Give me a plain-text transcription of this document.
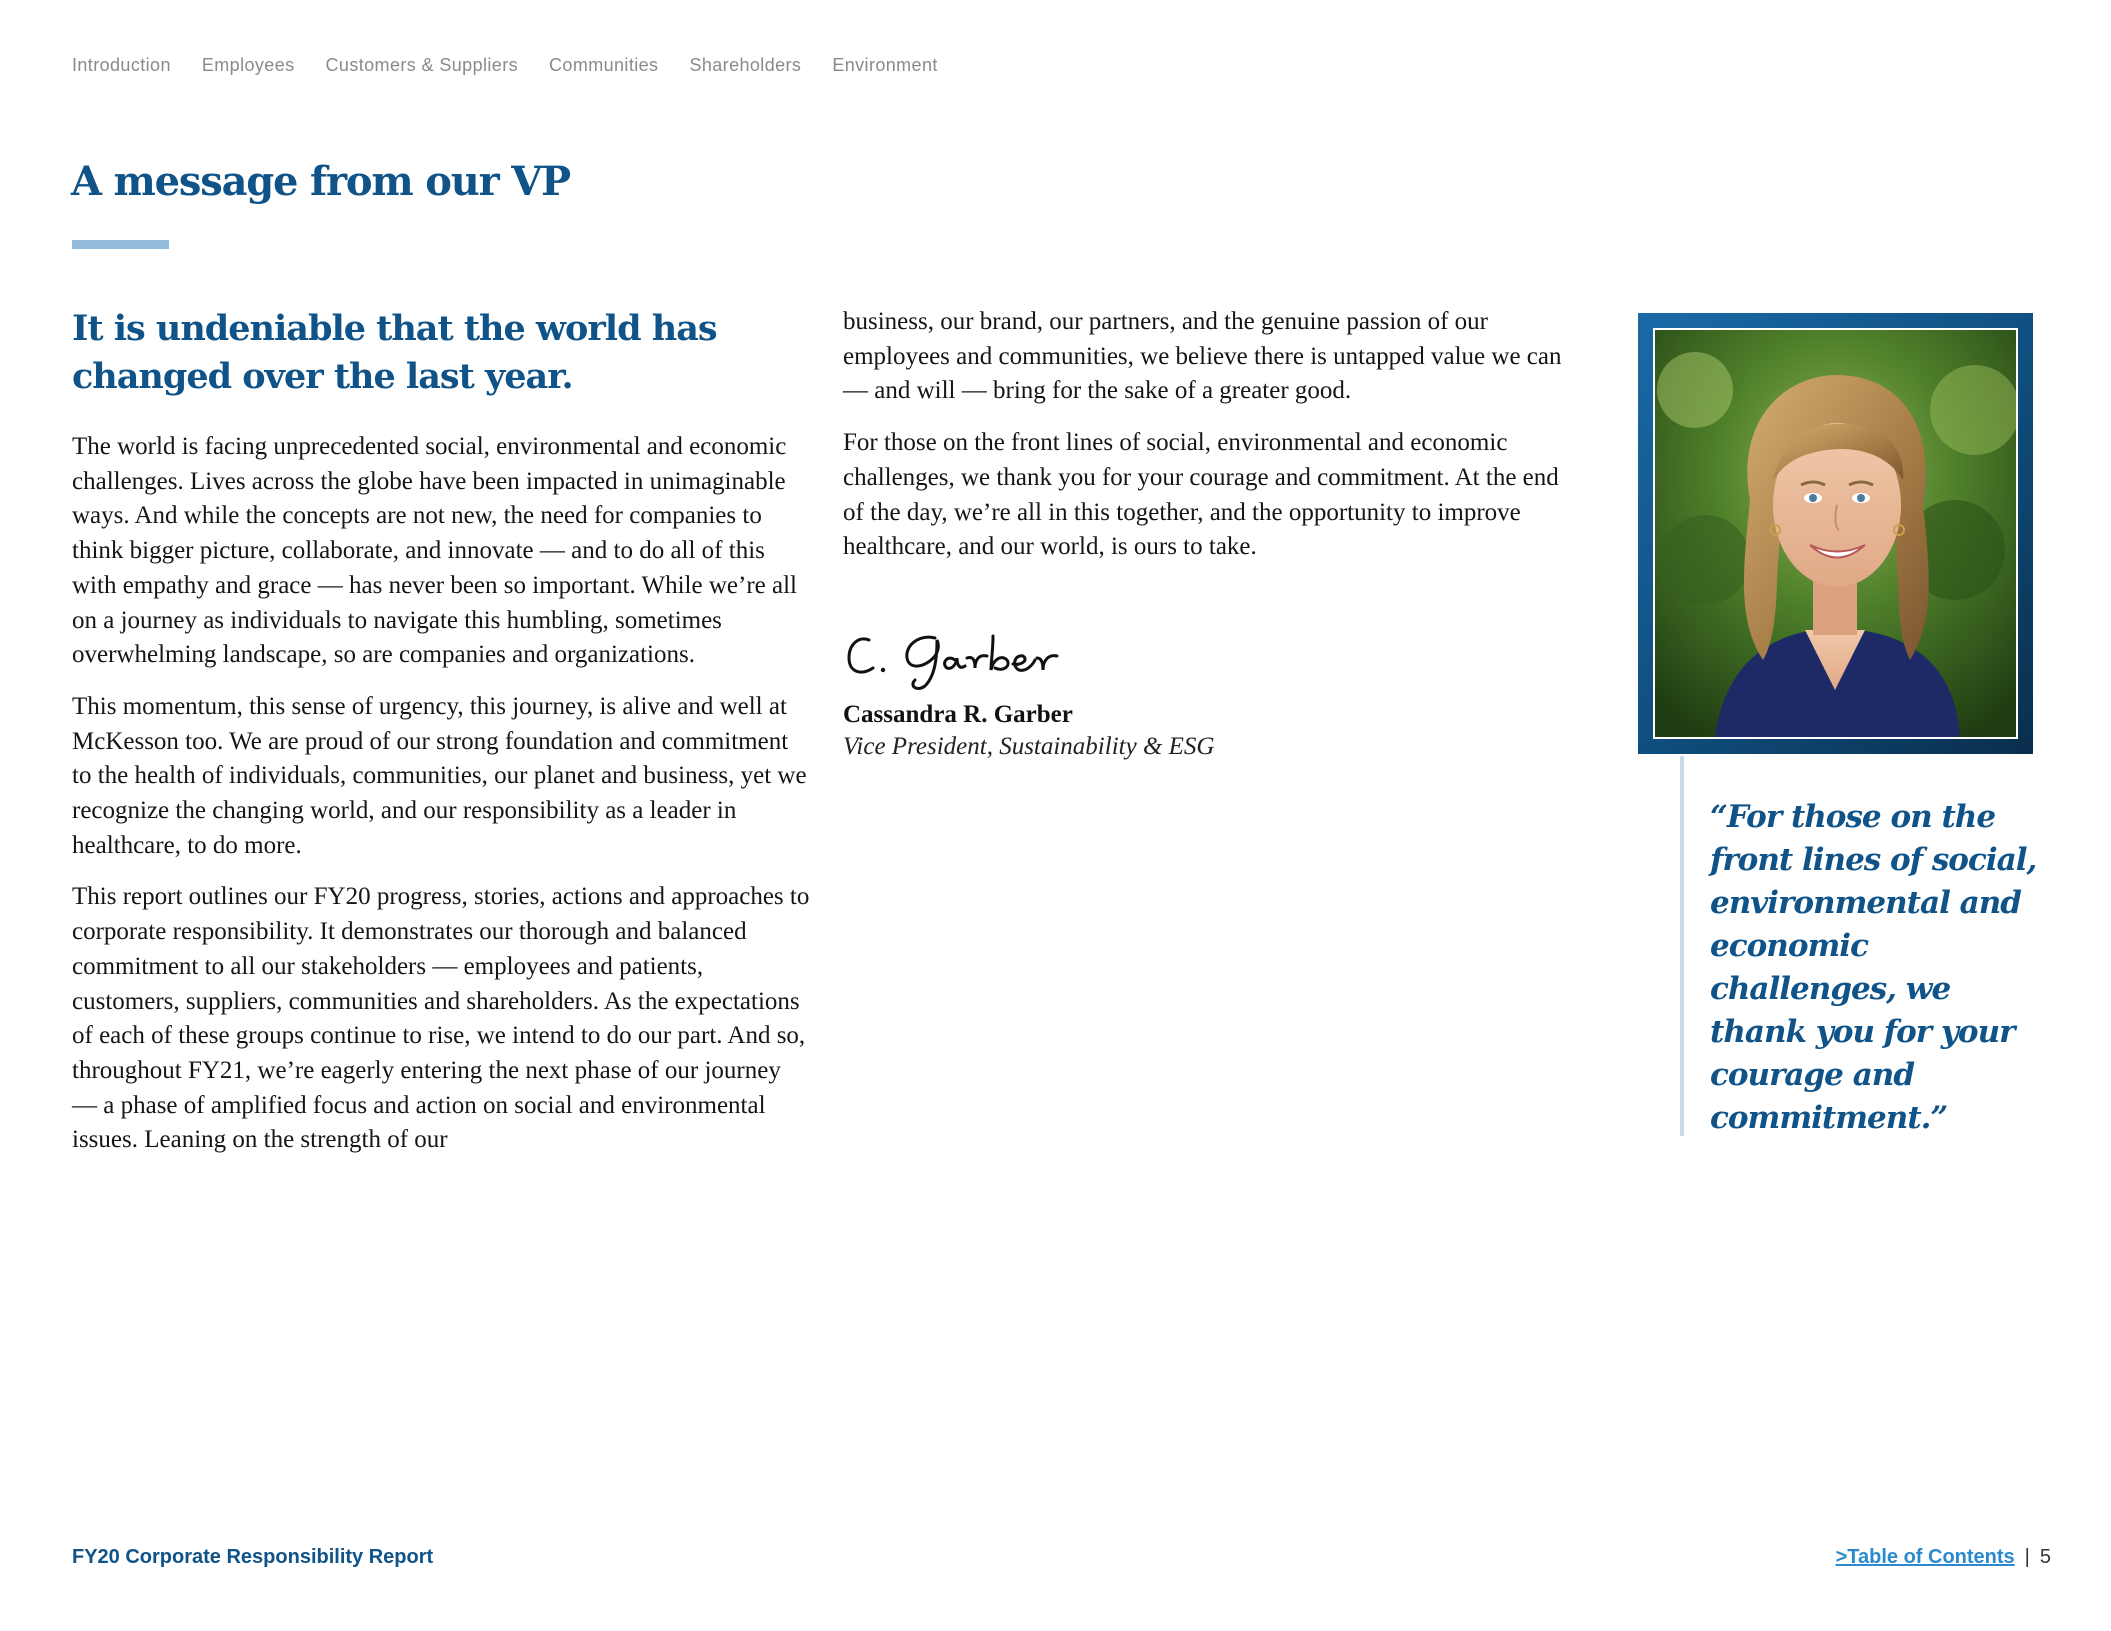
Introduction Employees Customers & Suppliers Communities Shareholders Environment
A message from our VP
It is undeniable that the world has changed over the last year.

The world is facing unprecedented social, environmental and economic challenges. Lives across the globe have been impacted in unimaginable ways. And while the concepts are not new, the need for companies to think bigger picture, collaborate, and innovate — and to do all of this with empathy and grace — has never been so important. While we’re all on a journey as individuals to navigate this humbling, sometimes overwhelming landscape, so are companies and organizations.

This momentum, this sense of urgency, this journey, is alive and well at McKesson too. We are proud of our strong foundation and commitment to the health of individuals, communities, our planet and business, yet we recognize the changing world, and our responsibility as a leader in healthcare, to do more.

This report outlines our FY20 progress, stories, actions and approaches to corporate responsibility. It demonstrates our thorough and balanced commitment to all our stakeholders — employees and patients, customers, suppliers, communities and shareholders. As the expectations of each of these groups continue to rise, we intend to do our part. And so, throughout FY21, we’re eagerly entering the next phase of our journey — a phase of amplified focus and action on social and environmental issues. Leaning on the strength of our

business, our brand, our partners, and the genuine passion of our employees and communities, we believe there is untapped value we can — and will — bring for the sake of a greater good.

For those on the front lines of social, environmental and economic challenges, we thank you for your courage and commitment. At the end of the day, we’re all in this together, and the opportunity to improve healthcare, and our world, is ours to take.

Cassandra R. Garber

Vice President, Sustainability & ESG

“For those on the front lines of social, environmental and economic challenges, we thank you for your courage and commitment.”

FY20 Corporate Responsibility Report	>Table of Contents | 5
